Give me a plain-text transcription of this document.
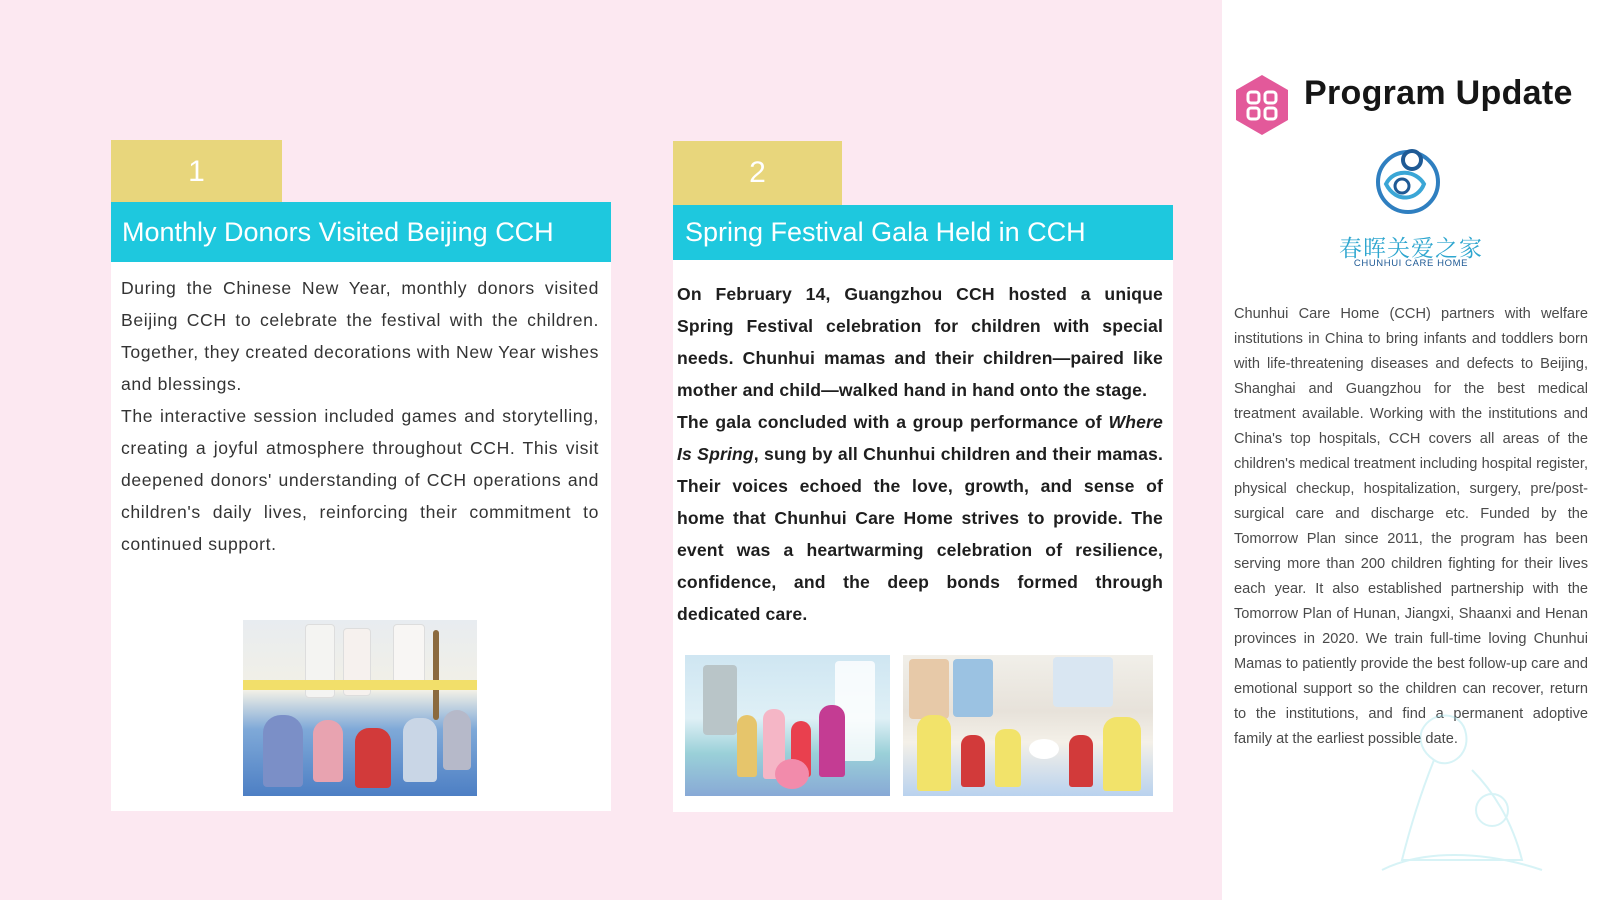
1	2
Monthly Donors Visited Beijing CCH

During the Chinese New Year, monthly donors visited Beijing CCH to celebrate the festival with the children. Together, they created decorations with New Year wishes and blessings.

The interactive session included games and storytelling, creating a joyful atmosphere throughout CCH. This visit deepened donors' understanding of CCH operations and children's daily lives, reinforcing their commitment to continued support.

Spring Festival Gala Held in CCH

On February 14, Guangzhou CCH hosted a unique Spring Festival celebration for children with special needs. Chunhui mamas and their children—paired like mother and child—walked hand in hand onto the stage.

The gala concluded with a group performance of Where Is Spring, sung by all Chunhui children and their mamas. Their voices echoed the love, growth, and sense of home that Chunhui Care Home strives to provide. The event was a heartwarming celebration of resilience, confidence, and the deep bonds formed through dedicated care.

Program Update
春晖关爱之家
CHUNHUI CARE HOME

Chunhui Care Home (CCH) partners with welfare institutions in China to bring infants and toddlers born with life-threatening diseases and defects to Beijing, Shanghai and Guangzhou for the best medical treatment available. Working with the institutions and China's top hospitals, CCH covers all areas of the children's medical treatment including hospital register, physical checkup, hospitalization, surgery, pre/post-surgical care and discharge etc. Funded by the Tomorrow Plan since 2011, the program has been serving more than 200 children fighting for their lives each year. It also established partnership with the Tomorrow Plan of Hunan, Jiangxi, Shaanxi and Henan provinces in 2020. We train full-time loving Chunhui Mamas to patiently provide the best follow-up care and emotional support so the children can recover, return to the institutions, and find a permanent adoptive family at the earliest possible date.
